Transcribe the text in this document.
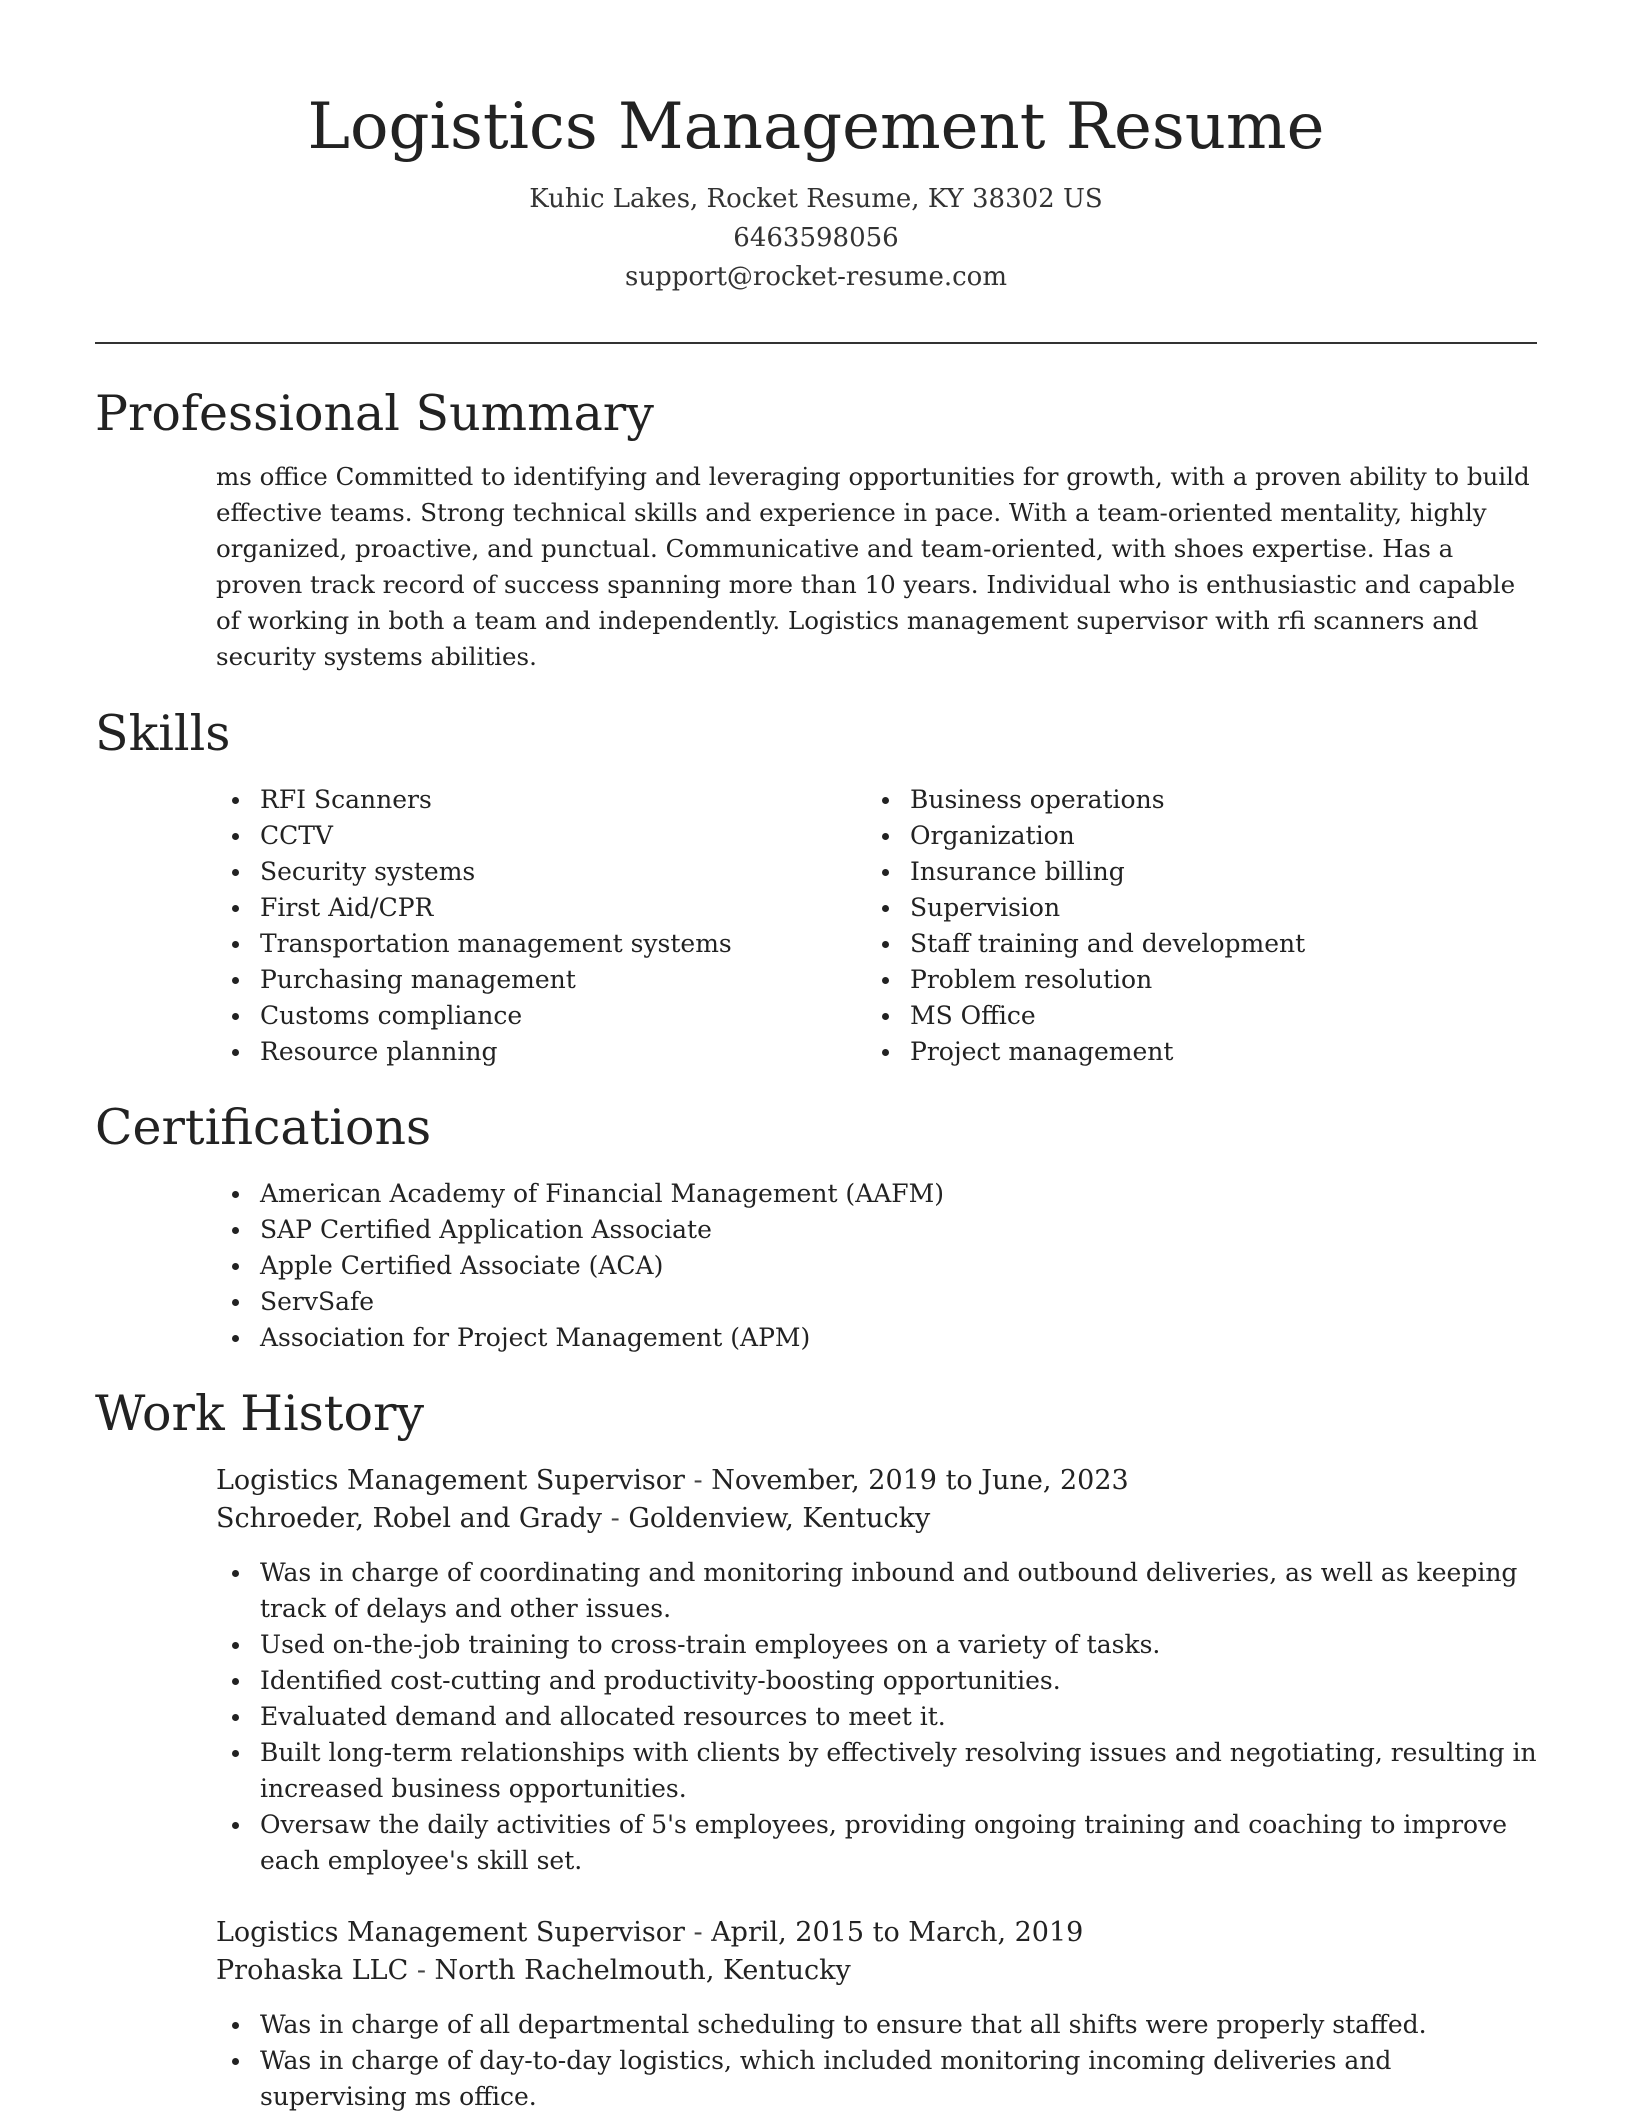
Logistics Management Resume
Kuhic Lakes, Rocket Resume, KY 38302 US
6463598056
support@rocket-resume.com
Professional Summary

ms office Committed to identifying and leveraging opportunities for growth, with a proven ability to build effective teams. Strong technical skills and experience in pace. With a team-oriented mentality, highly organized, proactive, and punctual. Communicative and team-oriented, with shoes expertise. Has a proven track record of success spanning more than 10 years. Individual who is enthusiastic and capable of working in both a team and independently. Logistics management supervisor with rfi scanners and security systems abilities.

Skills
RFI Scanners
CCTV
Security systems
First Aid/CPR
Transportation management systems
Purchasing management
Customs compliance
Resource planning
Business operations
Organization
Insurance billing
Supervision
Staff training and development
Problem resolution
MS Office
Project management
Certifications
American Academy of Financial Management (AAFM)
SAP Certified Application Associate
Apple Certified Associate (ACA)
ServSafe
Association for Project Management (APM)
Work History
Logistics Management Supervisor - November, 2019 to June, 2023
Schroeder, Robel and Grady - Goldenview, Kentucky
Was in charge of coordinating and monitoring inbound and outbound deliveries, as well as keeping track of delays and other issues.
Used on-the-job training to cross-train employees on a variety of tasks.
Identified cost-cutting and productivity-boosting opportunities.
Evaluated demand and allocated resources to meet it.
Built long-term relationships with clients by effectively resolving issues and negotiating, resulting in increased business opportunities.
Oversaw the daily activities of 5's employees, providing ongoing training and coaching to improve each employee's skill set.
Logistics Management Supervisor - April, 2015 to March, 2019
Prohaska LLC - North Rachelmouth, Kentucky
Was in charge of all departmental scheduling to ensure that all shifts were properly staffed.
Was in charge of day-to-day logistics, which included monitoring incoming deliveries and supervising ms office.
